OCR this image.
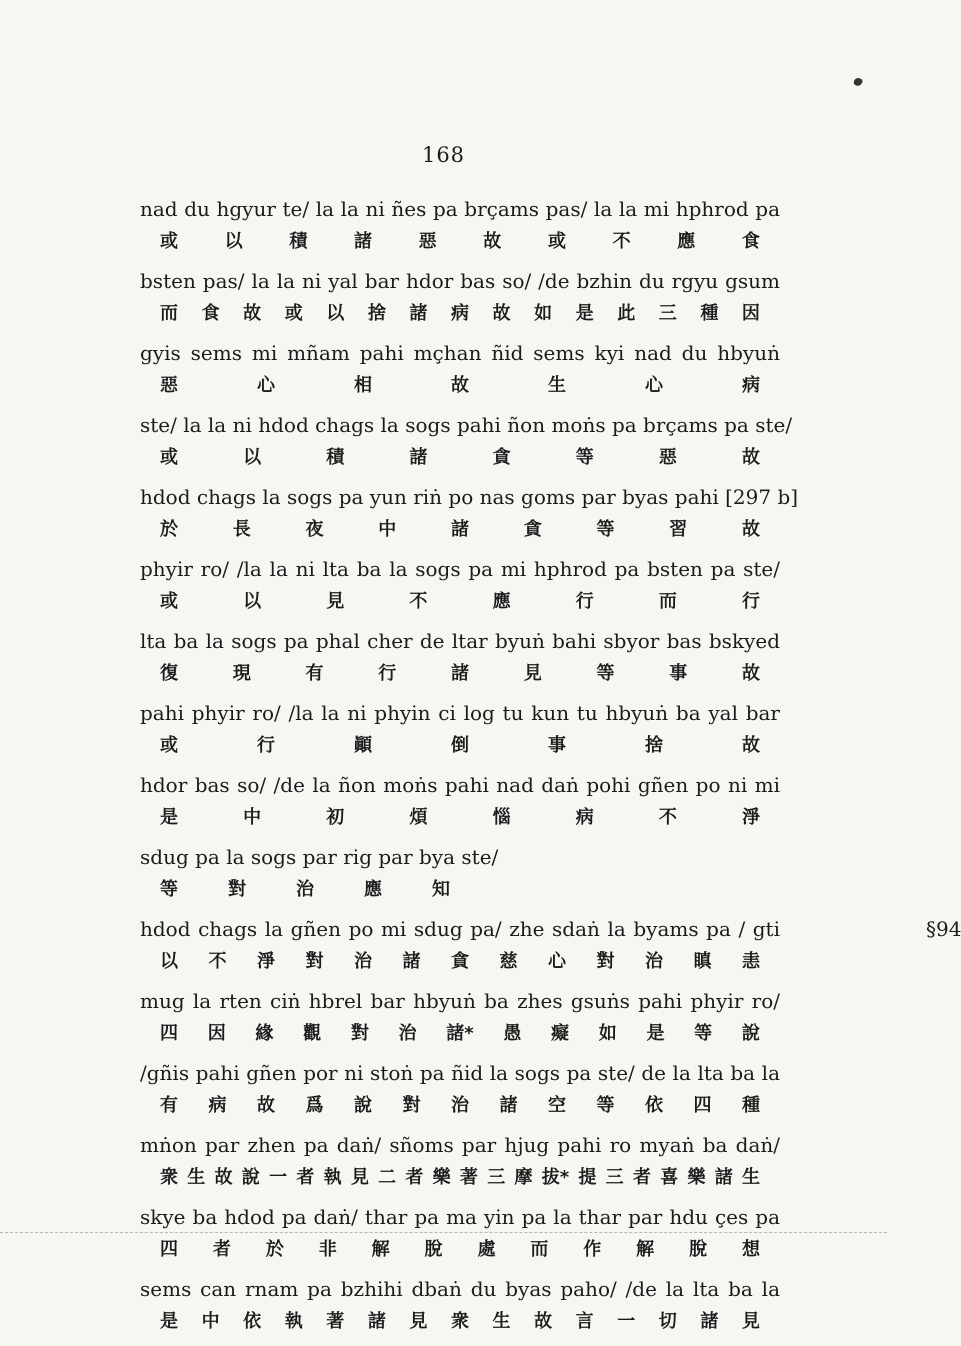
168
nad du hgyur te/ la la ni ñes pa brçams pas/ la la mi hphrod pa
或	以	積	諸	惡	故	或	不	應	食
bsten pas/ la la ni yal bar hdor bas so/ /de bzhin du rgyu gsum
而 食 故 或 以 捨 諸 病 故 如 是 此 三 種 因
gyis sems mi mñam pahi mçhan ñid sems kyi nad du hbyuṅ
惡	心	相	故	生	心	病
ste/ la la ni hdod chags la sogs pahi ñon moṅs pa brçams pa ste/
或	以	積	諸	貪	等	惡	故
hdod chags la sogs pa yun riṅ po nas goms par byas pahi [297 b]
於	長	夜	中	諸	貪	等	習	故
phyir ro/ /la la ni lta ba la sogs pa mi hphrod pa bsten pa ste/
或	以	見	不	應	行	而	行
lta ba la sogs pa phal cher de ltar byuṅ bahi sbyor bas bskyed
復	現	有	行	諸	見	等	事	故
pahi phyir ro/ /la la ni phyin ci log tu kun tu hbyuṅ ba yal bar
或	行	顚	倒	事	捨	故
hdor bas so/ /de la ñon moṅs pahi nad daṅ pohi gñen po ni mi
是	中	初	煩	惱	病	不	淨
sdug pa la sogs par rig par bya ste/
等	對	治	應	知
hdod chags la gñen po mi sdug pa/ zhe sdaṅ la byams pa / gti	§94
以 不 淨 對 治 諸 貪 慈 心 對 治 瞋 恚
mug la rten ciṅ hbrel bar hbyuṅ ba zhes gsuṅs pahi phyir ro/
四 因 緣 觀 對 治 諸* 愚 癡 如 是 等 說
/gñis pahi gñen por ni stoṅ pa ñid la sogs pa ste/ de la lta ba la
有 病 故 爲 說 對 治 諸 空 等 依 四 種
mṅon par zhen pa daṅ/ sñoms par hjug pahi ro myaṅ ba daṅ/
衆 生 故 說 一 者 執 見 二 者 樂 著 三 摩 拔* 提 三 者 喜 樂 諸 生
skye ba hdod pa daṅ/ thar pa ma yin pa la thar par hdu çes pa
四 者 於 非 解 脫 處 而 作 解 脫 想
sems can rnam pa bzhihi dbaṅ du byas paho/ /de la lta ba la
是 中 依 執 著 諸 見 衆 生 故 言 一 切 諸 見
